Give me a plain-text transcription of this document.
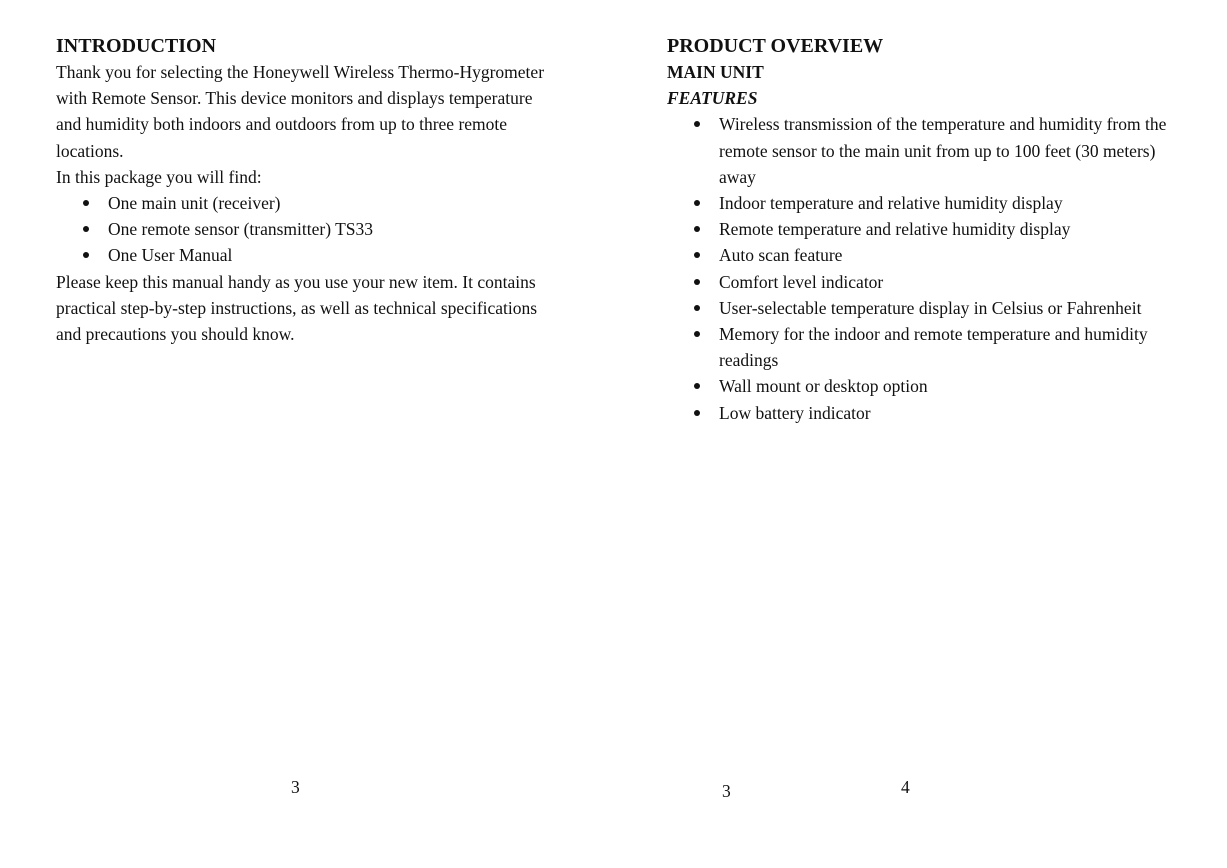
INTRODUCTION

Thank you for selecting the Honeywell Wireless Thermo-Hygrometer with Remote Sensor. This device monitors and displays temperature and humidity both indoors and outdoors from up to three remote locations.

In this package you will find:

One main unit (receiver)
One remote sensor (transmitter) TS33
One User Manual

Please keep this manual handy as you use your new item. It contains practical step-by-step instructions, as well as technical specifications and precautions you should know.

3
PRODUCT OVERVIEW

MAIN UNIT

FEATURES

Wireless transmission of the temperature and humidity from the remote sensor to the main unit from up to 100 feet (30 meters) away
Indoor temperature and relative humidity display
Remote temperature and relative humidity display
Auto scan feature
Comfort level indicator
User-selectable temperature display in Celsius or Fahrenheit
Memory for the indoor and remote temperature and humidity readings
Wall mount or desktop option
Low battery indicator
3	4
